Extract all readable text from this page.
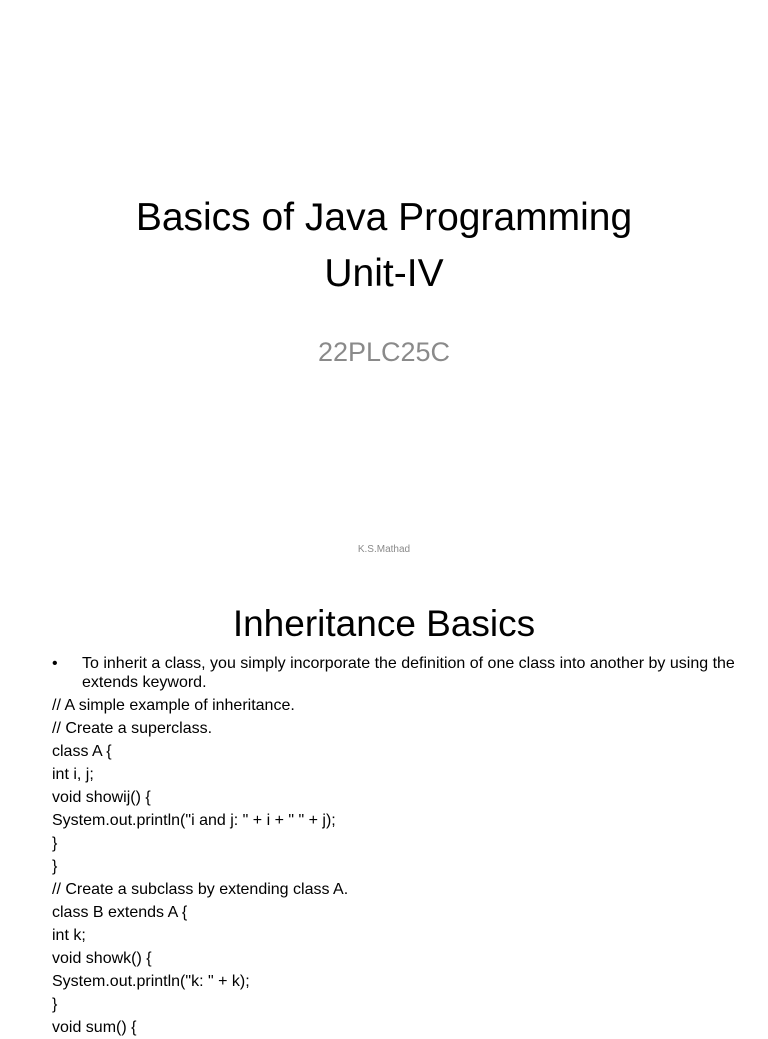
Basics of Java Programming
Unit-IV
22PLC25C
K.S.Mathad
Inheritance Basics
•	To inherit a class, you simply incorporate the definition of one class into another by using the extends keyword.
// A simple example of inheritance.
// Create a superclass.
class A {
int i, j;
void showij() {
System.out.println("i and j: " + i + " " + j);
}
}
// Create a subclass by extending class A.
class B extends A {
int k;
void showk() {
System.out.println("k: " + k);
}
void sum() {
